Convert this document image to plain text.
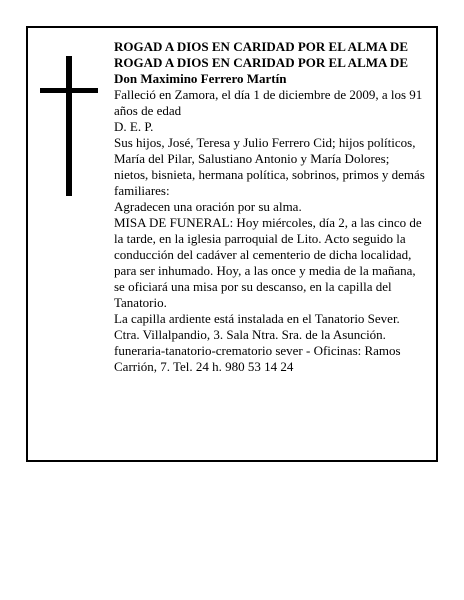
ROGAD A DIOS EN CARIDAD POR EL ALMA DE ROGAD A DIOS EN CARIDAD POR EL ALMA DE

Don Maximino Ferrero Martín

Falleció en Zamora, el día 1 de diciembre de 2009, a los 91 años de edad

D. E. P.

Sus hijos, José, Teresa y Julio Ferrero Cid; hijos políticos, María del Pilar, Salustiano Antonio y María Dolores; nietos, bisnieta, hermana política, sobrinos, primos y demás familiares:

Agradecen una oración por su alma.

MISA DE FUNERAL: Hoy miércoles, día 2, a las cinco de la tarde, en la iglesia parroquial de Lito. Acto seguido la conducción del cadáver al cementerio de dicha localidad, para ser inhumado. Hoy, a las once y media de la mañana, se oficiará una misa por su descanso, en la capilla del Tanatorio.

La capilla ardiente está instalada en el Tanatorio Sever. Ctra. Villalpandio, 3. Sala Ntra. Sra. de la Asunción.

funeraria-tanatorio-crematorio sever - Oficinas: Ramos Carrión, 7. Tel. 24 h. 980 53 14 24
